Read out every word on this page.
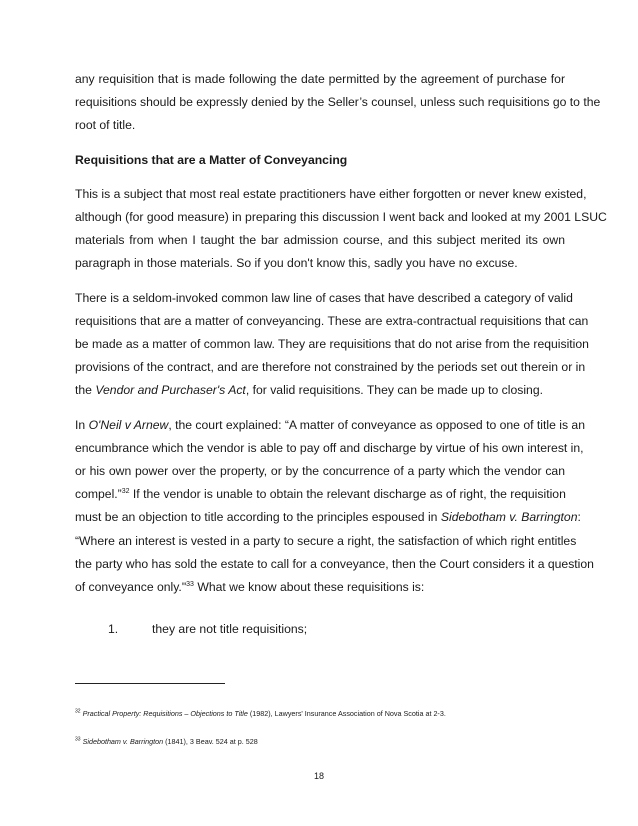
any requisition that is made following the date permitted by the agreement of purchase for
requisitions should be expressly denied by the Seller’s counsel, unless such requisitions go to the
root of title.
Requisitions that are a Matter of Conveyancing
This is a subject that most real estate practitioners have either forgotten or never knew existed,
although (for good measure) in preparing this discussion I went back and looked at my 2001 LSUC
materials from when I taught the bar admission course, and this subject merited its own
paragraph in those materials. So if you don't know this, sadly you have no excuse.
There is a seldom-invoked common law line of cases that have described a category of valid
requisitions that are a matter of conveyancing. These are extra-contractual requisitions that can
be made as a matter of common law. They are requisitions that do not arise from the requisition
provisions of the contract, and are therefore not constrained by the periods set out therein or in
the Vendor and Purchaser's Act, for valid requisitions. They can be made up to closing.
In O'Neil v Arnew, the court explained: “A matter of conveyance as opposed to one of title is an
encumbrance which the vendor is able to pay off and discharge by virtue of his own interest in,
or his own power over the property, or by the concurrence of a party which the vendor can
compel.”$^{32}$ If the vendor is unable to obtain the relevant discharge as of right, the requisition
must be an objection to title according to the principles espoused in Sidebotham v. Barrington:
“Where an interest is vested in a party to secure a right, the satisfaction of which right entitles
the party who has sold the estate to call for a conveyance, then the Court considers it a question
of conveyance only."$^{33}$ What we know about these requisitions is:
1.	they are not title requisitions;
$^{32}$ Practical Property: Requisitions – Objections to Title (1982), Lawyers' Insurance Association of Nova Scotia at 2-3.
$^{33}$ Sidebotham v. Barrington (1841), 3 Beav. 524 at p. 528
18
